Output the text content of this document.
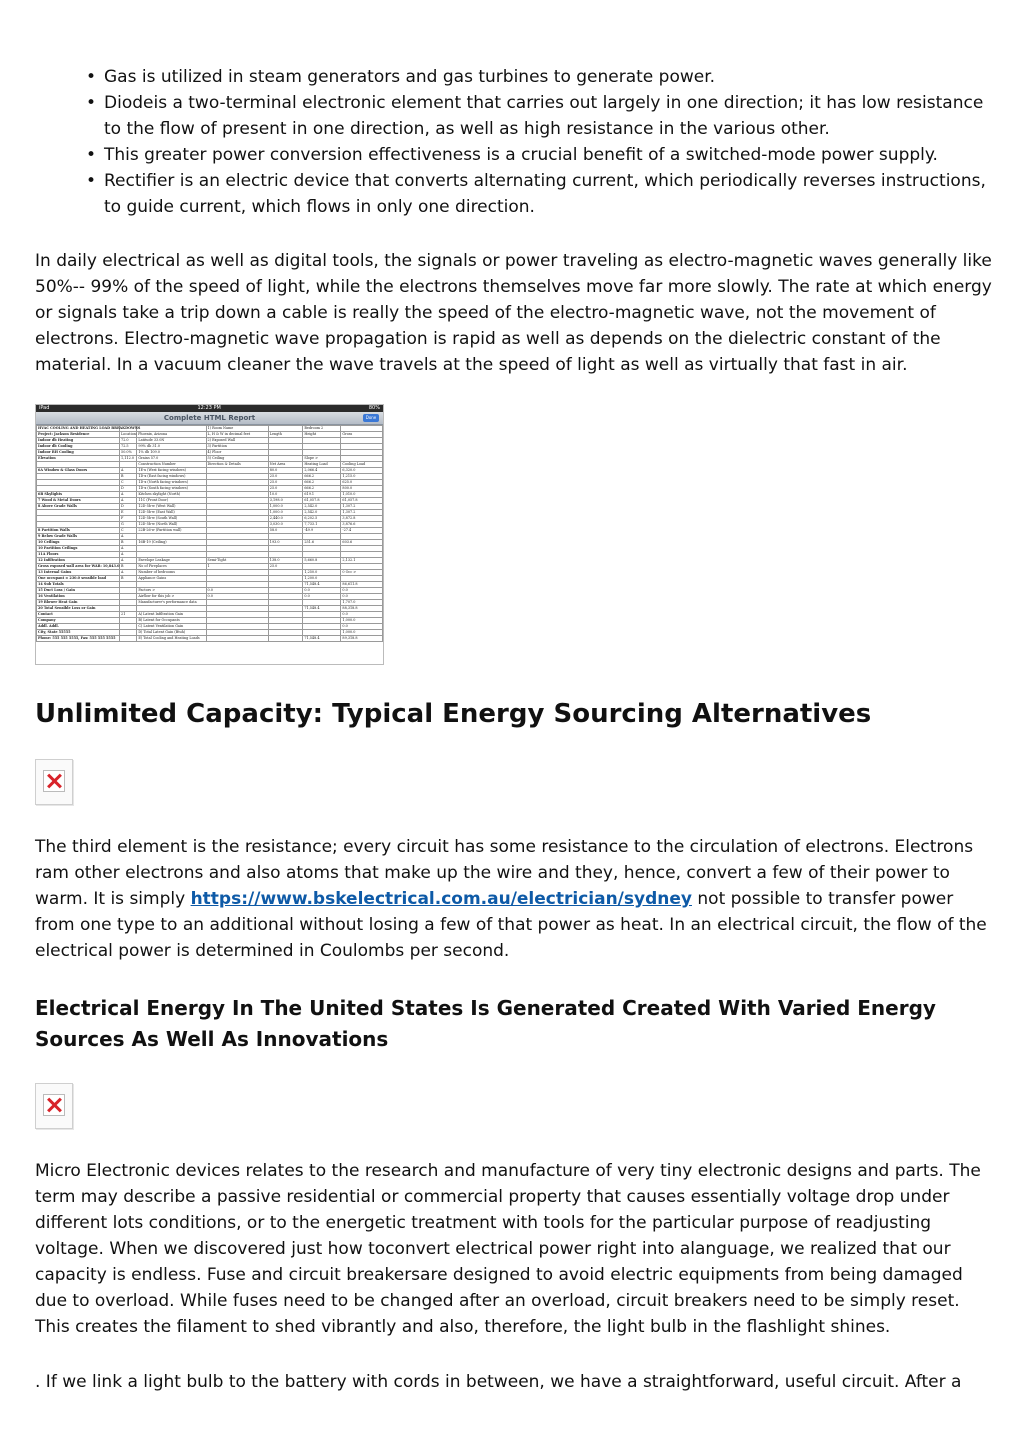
• Gas is utilized in steam generators and gas turbines to generate power.
• Diodeis a two-terminal electronic element that carries out largely in one direction; it has low resistance to the flow of present in one direction, as well as high resistance in the various other.
• This greater power conversion effectiveness is a crucial benefit of a switched-mode power supply.
• Rectifier is an electric device that converts alternating current, which periodically reverses instructions, to guide current, which flows in only one direction.

In daily electrical as well as digital tools, the signals or power traveling as electro-magnetic waves generally like 50%-- 99% of the speed of light, while the electrons themselves move far more slowly. The rate at which energy or signals take a trip down a cable is really the speed of the electro-magnetic wave, not the movement of electrons. Electro-magnetic wave propagation is rapid as well as depends on the dielectric constant of the material. In a vacuum cleaner the wave travels at the speed of light as well as virtually that fast in air.

iPad	12:23 PM	80%
Complete HTML Report	Done
HVAC COOLING AND HEATING LOAD BREAKDOWNS			1) Room Name		Bedroom 2	
Project: Jackson Residence	Location: Phoenix, Arizona		L, H & W in decimal feet	Length	Height	Gross
Indoor db Heating	72.0	Latitude 33.0N	2) Exposed Wall			
Indoor db Cooling	72.5	99% db 31.0	3) Partition			
Indoor RH Cooling	50.0%	1% db 109.0	4) Floor			
Elevation	1,112.0	Grains 57.0	5) Ceiling		Slope >	
		Construction Number	Direction & Details	Net Area	Heating Load	Cooling Load
6A Window & Glass Doors	A	1E-x (West facing windows)		80.0	2,066.4	6,320.0
	B	1D-x (East facing windows)		25.0	666.2	1,215.0
	C	1D-x (North facing windows)		25.0	666.2	625.0
	D	1D-x (South facing windows)		25.0	666.2	800.0
6B Skylights	A	Kitchen skylight (North)		10.0	619.1	1,010.0
7 Wood & Metal Doors	A	11C (Front Door)		3,198.0	61,057.8	61,057.8
8 Above Grade Walls	D	12D-5b-w (West Wall)		1,000.0	2,542.0	1,307.2
	E	12D-5b-w (East Wall)		1,000.0	2,542.0	1,307.2
	F	12D-5b-w (South Wall)		2,440.0	6,202.5	3,872.8
	G	12D-5b-w (North Wall)		3,030.0	7,733.1	3,876.6
8 Partition Walls	C	22B-26-w (Partition wall)		58.0	-49.9	-27.4
9 Below Grade Walls	A					
10 Ceilings	B	16B-19 (Ceiling)		193.0	251.6	603.6
10 Partition Ceilings	A					
11A Floors	A					
12 Infiltration	A	Envelope Leakage	Semi-Tight	138.0	5,660.8	2,132.1
Gross exposed wall area for WAR: 10,843.0	B	No of Fireplaces	1	25.0		
13 Internal Gains	A	Number of bedrooms			1,250.0	0 Occ >
One occupant = 230.0 sensible load	B	Appliance Gains			1,200.0	
14 Sub Totals					71,548.4	86,611.8
15 Duct Loss / Gain		Factors >	0.0		0.0	0.0
16 Ventilation		Airflow for this job >	0.0		0.0	0.0
19 Blower Heat Gain		Manufacturer's performance data				1,707.0
20 Total Sensible Loss or Gain					71,548.4	88,318.8
Contact	21	A) Latent Infiltration Gain				0.0
Company		B) Latent for Occupants				1,000.0
Addl. Addl.		C) Latent Ventilation Gain				0.0
City, State 55555		D) Total Latent Gain (Btuh)				1,000.0
Phone: 555 555 5555, Fax: 555 555 5555		E) Total Cooling and Heating Loads			71,548.4	89,318.8
Unlimited Capacity: Typical Energy Sourcing Alternatives

The third element is the resistance; every circuit has some resistance to the circulation of electrons. Electrons ram other electrons and also atoms that make up the wire and they, hence, convert a few of their power to warm. It is simply https://www.bskelectrical.com.au/electrician/sydney not possible to transfer power from one type to an additional without losing a few of that power as heat. In an electrical circuit, the flow of the electrical power is determined in Coulombs per second.

Electrical Energy In The United States Is Generated Created With Varied Energy Sources As Well As Innovations

Micro Electronic devices relates to the research and manufacture of very tiny electronic designs and parts. The term may describe a passive residential or commercial property that causes essentially voltage drop under different lots conditions, or to the energetic treatment with tools for the particular purpose of readjusting voltage. When we discovered just how toconvert electrical power right into alanguage, we realized that our capacity is endless. Fuse and circuit breakersare designed to avoid electric equipments from being damaged due to overload. While fuses need to be changed after an overload, circuit breakers need to be simply reset. This creates the filament to shed vibrantly and also, therefore, the light bulb in the flashlight shines.

. If we link a light bulb to the battery with cords in between, we have a straightforward, useful circuit. After a
